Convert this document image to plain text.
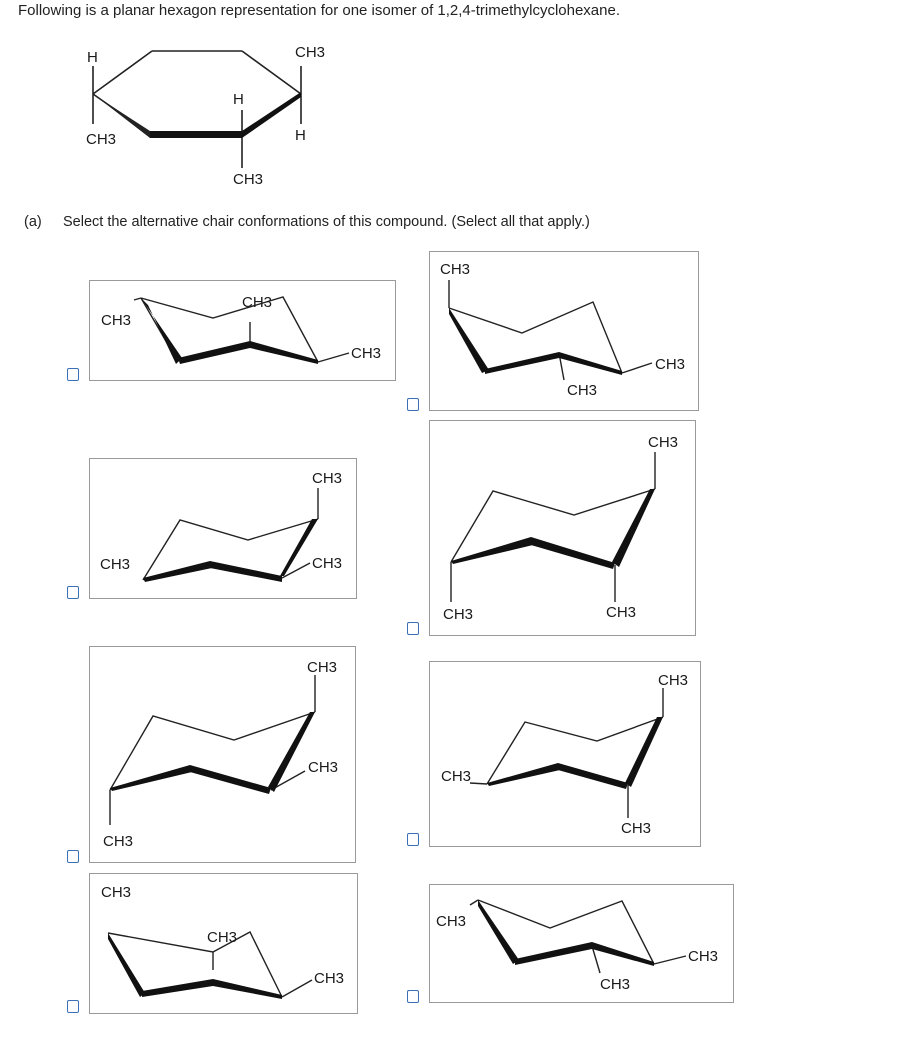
Following is a planar hexagon representation for one isomer of 1,2,4-trimethylcyclohexane.
H
CH3
H
CH3
CH3
H
(a) Select the alternative chair conformations of this compound. (Select all that apply.)
CH3
CH3
CH3
CH3
CH3
CH3
CH3
CH3	CH3
CH3
CH3	CH3
CH3
CH3
CH3
CH3
CH3
CH3
CH3
CH3
CH3
CH3
CH3
CH3
